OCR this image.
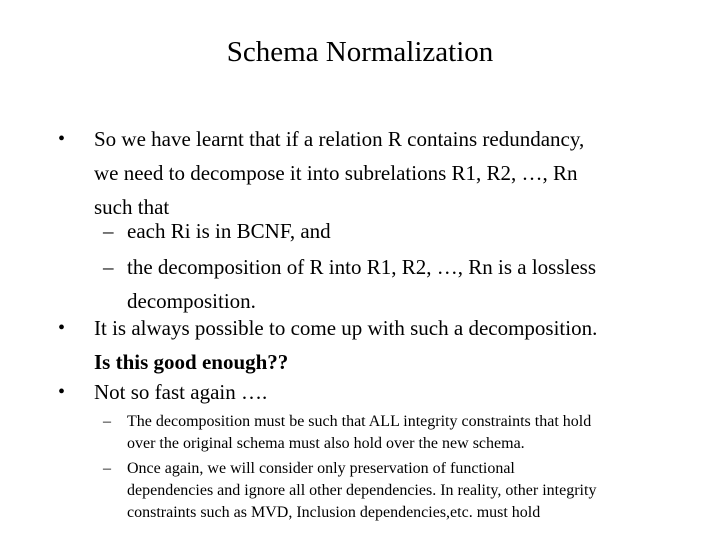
Schema Normalization
• So we have learnt that if a relation R contains redundancy,
we need to decompose it into subrelations R1, R2, …, Rn
such that
– each Ri is in BCNF, and
– the decomposition of R into R1, R2, …, Rn is a lossless
decomposition.
• It is always possible to come up with such a decomposition.
Is this good enough??
• Not so fast again ….
– The decomposition must be such that ALL integrity constraints that hold
over the original schema must also hold over the new schema.
– Once again, we will consider only preservation of functional
dependencies and ignore all other dependencies. In reality, other integrity
constraints such as MVD, Inclusion dependencies,etc. must hold
